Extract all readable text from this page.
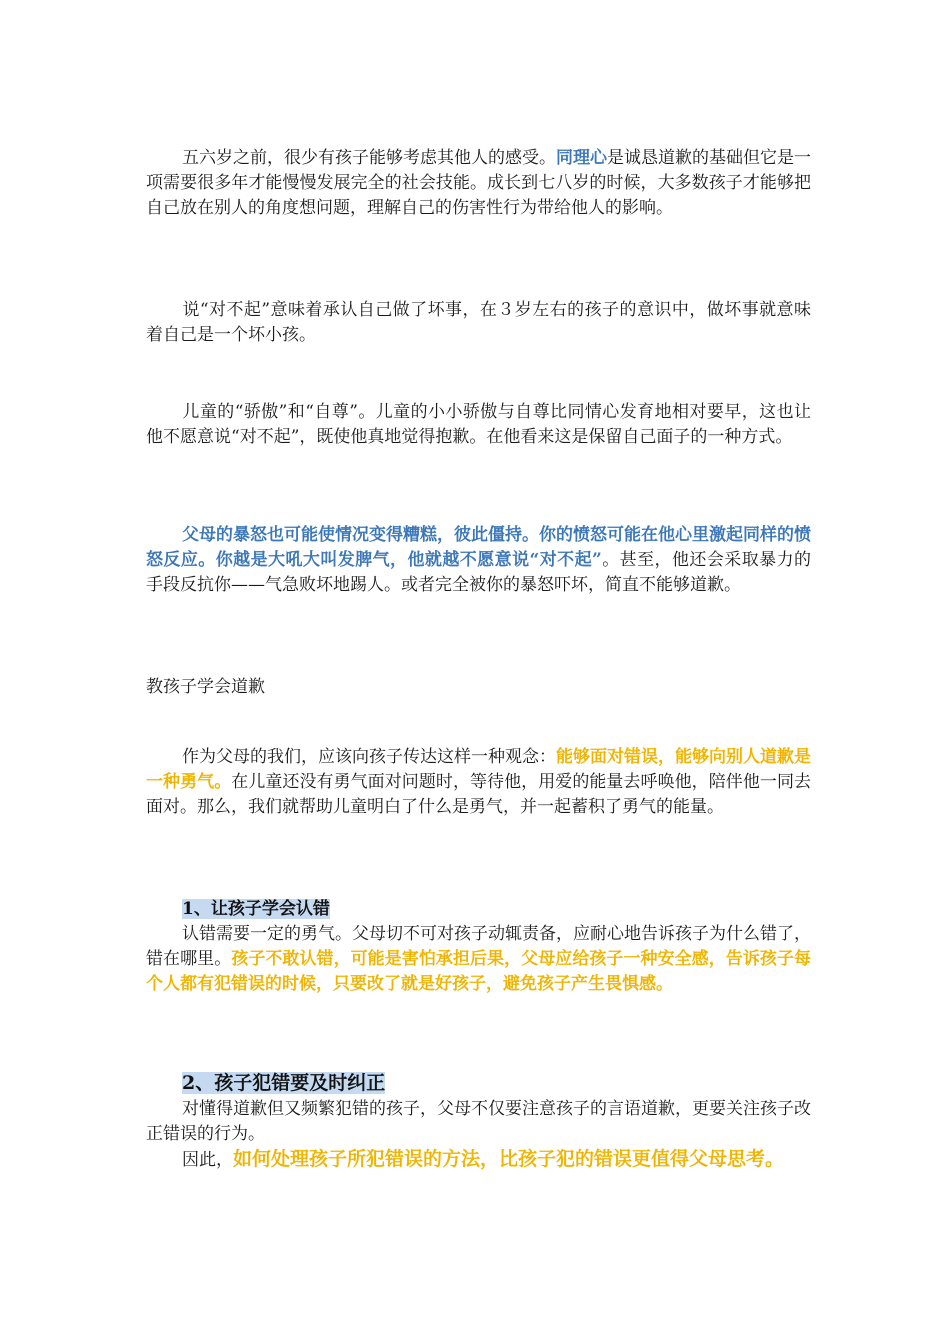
五六岁之前，很少有孩子能够考虑其他人的感受。同理心是诚恳道歉的基础但它是一项需要很多年才能慢慢发展完全的社会技能。成长到七八岁的时候，大多数孩子才能够把自己放在别人的角度想问题，理解自己的伤害性行为带给他人的影响。

说“对不起”意味着承认自己做了坏事，在３岁左右的孩子的意识中，做坏事就意味着自己是一个坏小孩。

儿童的“骄傲”和“自尊”。儿童的小小骄傲与自尊比同情心发育地相对要早，这也让他不愿意说“对不起”，既使他真地觉得抱歉。在他看来这是保留自己面子的一种方式。

父母的暴怒也可能使情况变得糟糕，彼此僵持。你的愤怒可能在他心里激起同样的愤怒反应。你越是大吼大叫发脾气，他就越不愿意说“对不起”。甚至，他还会采取暴力的手段反抗你——气急败坏地踢人。或者完全被你的暴怒吓坏，简直不能够道歉。

教孩子学会道歉

作为父母的我们，应该向孩子传达这样一种观念：能够面对错误，能够向别人道歉是一种勇气。在儿童还没有勇气面对问题时，等待他，用爱的能量去呼唤他，陪伴他一同去面对。那么，我们就帮助儿童明白了什么是勇气，并一起蓄积了勇气的能量。

1、让孩子学会认错
认错需要一定的勇气。父母切不可对孩子动辄责备，应耐心地告诉孩子为什么错了，错在哪里。孩子不敢认错，可能是害怕承担后果，父母应给孩子一种安全感，告诉孩子每个人都有犯错误的时候，只要改了就是好孩子，避免孩子产生畏惧感。

2、孩子犯错要及时纠正
对懂得道歉但又频繁犯错的孩子，父母不仅要注意孩子的言语道歉，更要关注孩子改正错误的行为。
因此，如何处理孩子所犯错误的方法，比孩子犯的错误更值得父母思考。
